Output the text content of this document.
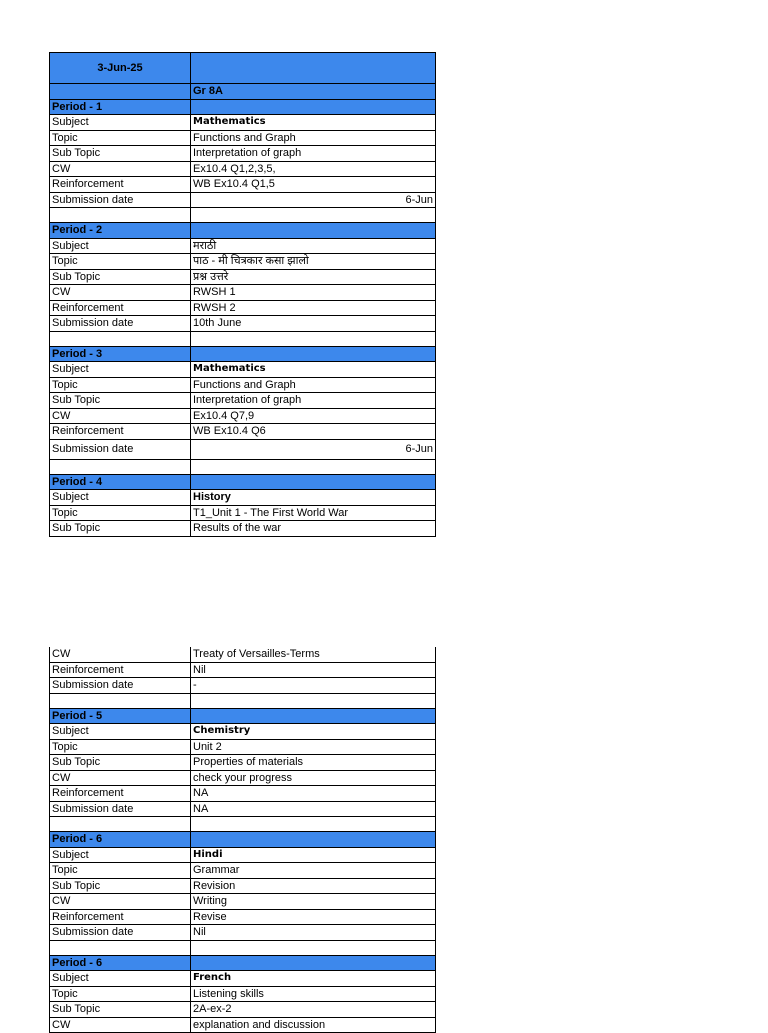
3-Jun-25
Gr 8A
Period - 1
Subject	Mathematics
Topic	Functions and Graph
Sub Topic	Interpretation of graph
CW	Ex10.4 Q1,2,3,5,
Reinforcement	WB Ex10.4 Q1,5
Submission date	6-Jun
Period - 2
Subject	मराठी
Topic	पाठ - मी चित्रकार कसा झालो
Sub Topic	प्रश्न उत्तरे
CW	RWSH 1
Reinforcement	RWSH 2
Submission date	10th June
Period - 3
Subject	Mathematics
Topic	Functions and Graph
Sub Topic	Interpretation of graph
CW	Ex10.4 Q7,9
Reinforcement	WB Ex10.4 Q6
Submission date	6-Jun
Period - 4
Subject	History
Topic	T1_Unit 1 - The First World War
Sub Topic	Results of the war
CW	Treaty of Versailles-Terms
Reinforcement	Nil
Submission date	-
Period - 5
Subject	Chemistry
Topic	Unit 2
Sub Topic	Properties of materials
CW	check your progress
Reinforcement	NA
Submission date	NA
Period - 6
Subject	Hindi
Topic	Grammar
Sub Topic	Revision
CW	Writing
Reinforcement	Revise
Submission date	Nil
Period - 6
Subject	French
Topic	Listening skills
Sub Topic	2A-ex-2
CW	explanation and discussion
